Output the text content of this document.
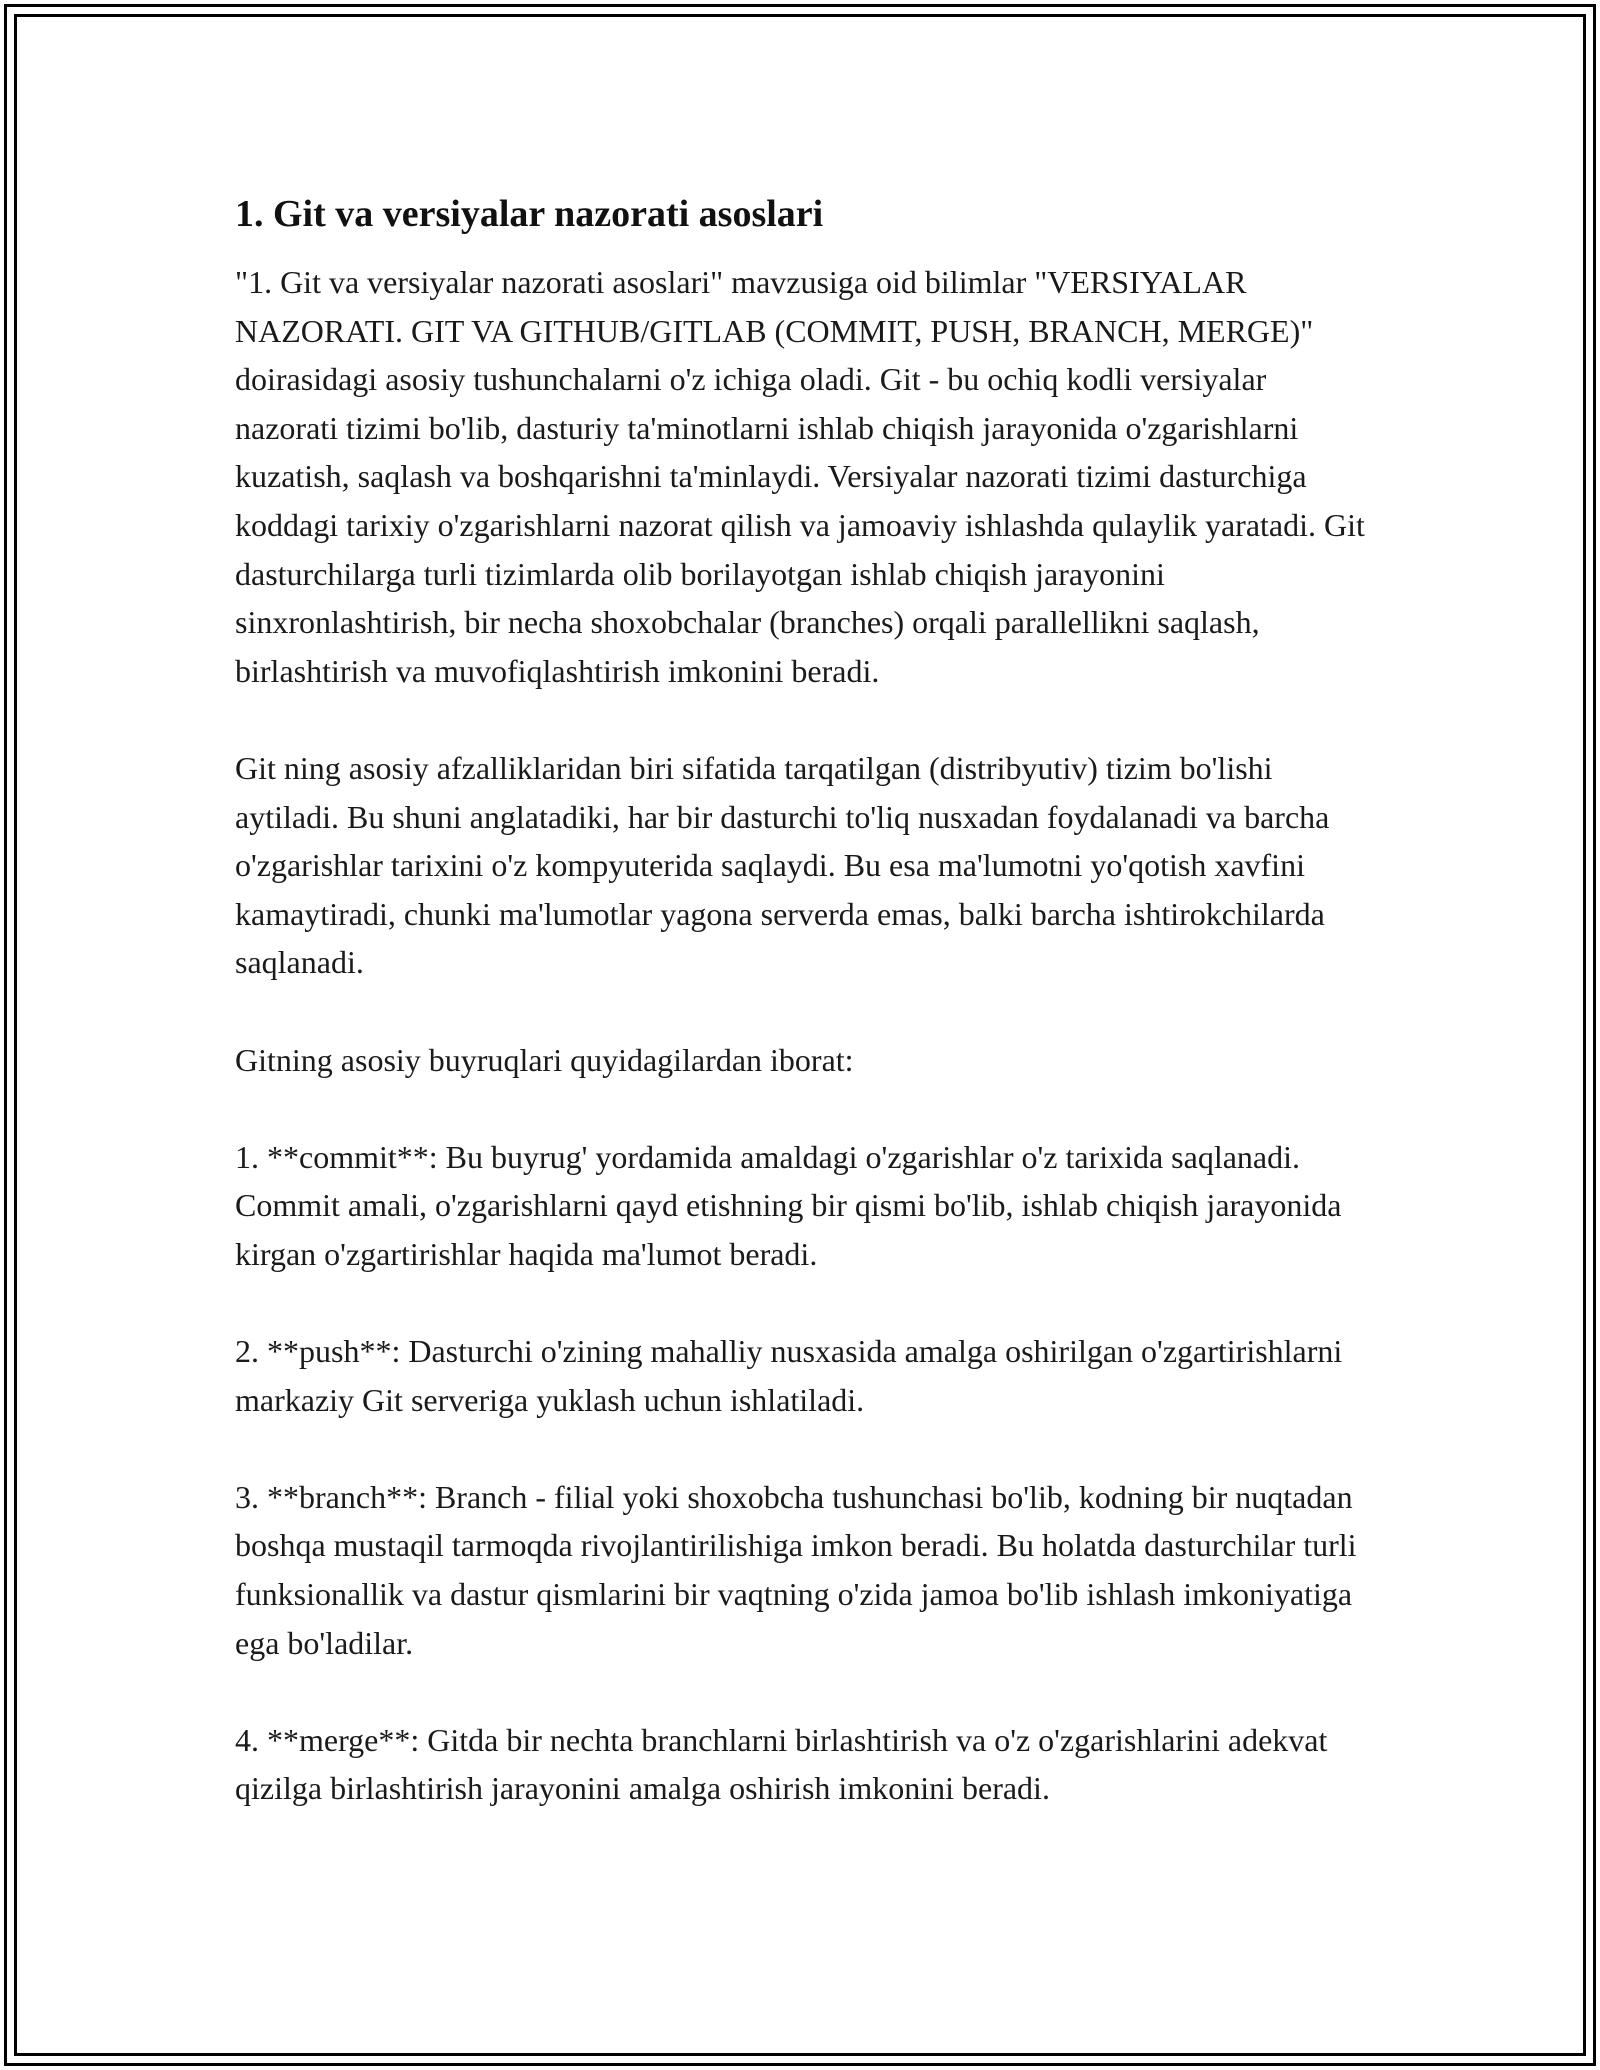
1. Git va versiyalar nazorati asoslari

"1. Git va versiyalar nazorati asoslari" mavzusiga oid bilimlar "VERSIYALAR NAZORATI. GIT VA GITHUB/GITLAB (COMMIT, PUSH, BRANCH, MERGE)" doirasidagi asosiy tushunchalarni o'z ichiga oladi. Git - bu ochiq kodli versiyalar nazorati tizimi bo'lib, dasturiy ta'minotlarni ishlab chiqish jarayonida o'zgarishlarni kuzatish, saqlash va boshqarishni ta'minlaydi. Versiyalar nazorati tizimi dasturchiga koddagi tarixiy o'zgarishlarni nazorat qilish va jamoaviy ishlashda qulaylik yaratadi. Git dasturchilarga turli tizimlarda olib borilayotgan ishlab chiqish jarayonini sinxronlashtirish, bir necha shoxobchalar (branches) orqali parallellikni saqlash, birlashtirish va muvofiqlashtirish imkonini beradi.

Git ning asosiy afzalliklaridan biri sifatida tarqatilgan (distribyutiv) tizim bo'lishi aytiladi. Bu shuni anglatadiki, har bir dasturchi to'liq nusxadan foydalanadi va barcha o'zgarishlar tarixini o'z kompyuterida saqlaydi. Bu esa ma'lumotni yo'qotish xavfini kamaytiradi, chunki ma'lumotlar yagona serverda emas, balki barcha ishtirokchilarda saqlanadi.

Gitning asosiy buyruqlari quyidagilardan iborat:

1. **commit**: Bu buyrug' yordamida amaldagi o'zgarishlar o'z tarixida saqlanadi. Commit amali, o'zgarishlarni qayd etishning bir qismi bo'lib, ishlab chiqish jarayonida kirgan o'zgartirishlar haqida ma'lumot beradi.

2. **push**: Dasturchi o'zining mahalliy nusxasida amalga oshirilgan o'zgartirishlarni markaziy Git serveriga yuklash uchun ishlatiladi.

3. **branch**: Branch - filial yoki shoxobcha tushunchasi bo'lib, kodning bir nuqtadan boshqa mustaqil tarmoqda rivojlantirilishiga imkon beradi. Bu holatda dasturchilar turli funksionallik va dastur qismlarini bir vaqtning o'zida jamoa bo'lib ishlash imkoniyatiga ega bo'ladilar.

4. **merge**: Gitda bir nechta branchlarni birlashtirish va o'z o'zgarishlarini adekvat qizilga birlashtirish jarayonini amalga oshirish imkonini beradi.
